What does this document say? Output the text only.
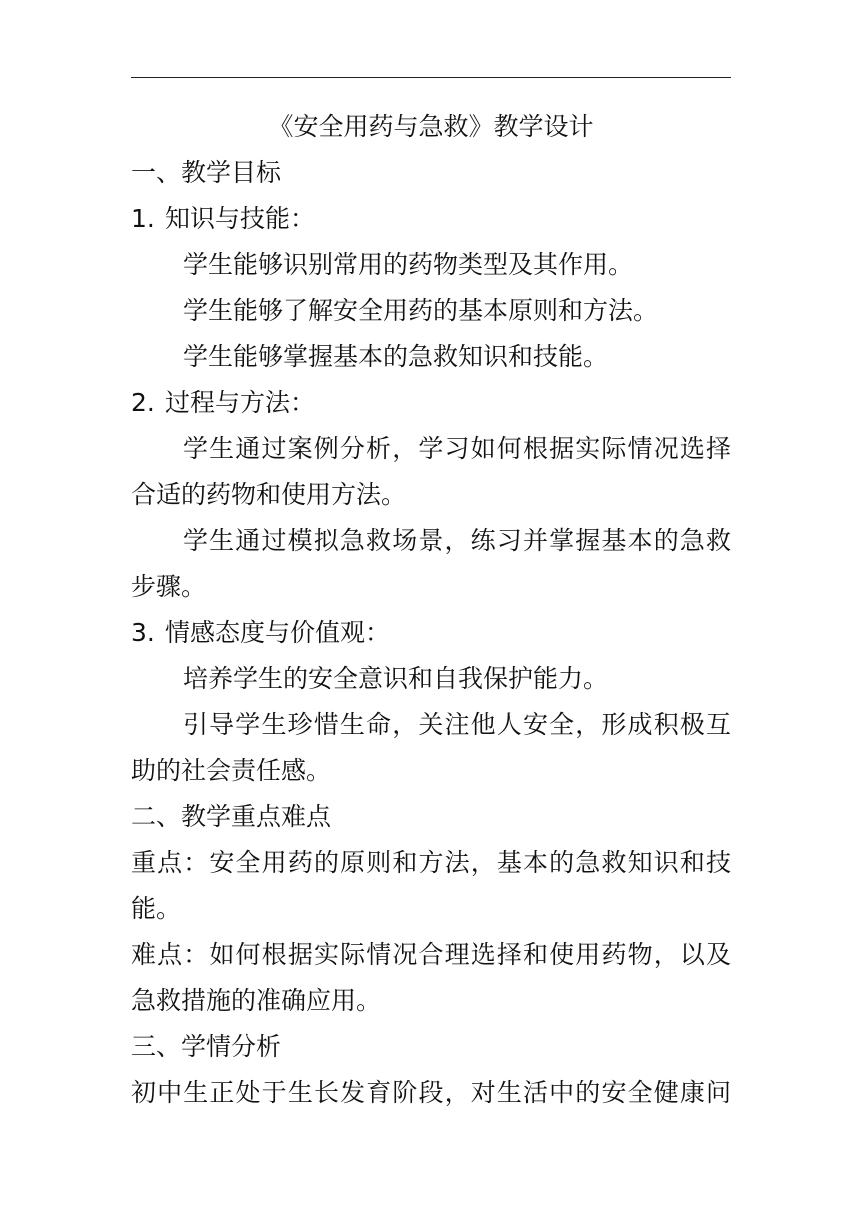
《安全用药与急救》教学设计
一、教学目标
1. 知识与技能：
学生能够识别常用的药物类型及其作用。
学生能够了解安全用药的基本原则和方法。
学生能够掌握基本的急救知识和技能。
2. 过程与方法：
学生通过案例分析，学习如何根据实际情况选择
合适的药物和使用方法。
学生通过模拟急救场景，练习并掌握基本的急救
步骤。
3. 情感态度与价值观：
培养学生的安全意识和自我保护能力。
引导学生珍惜生命，关注他人安全，形成积极互
助的社会责任感。
二、教学重点难点
重点：安全用药的原则和方法，基本的急救知识和技
能。
难点：如何根据实际情况合理选择和使用药物，以及
急救措施的准确应用。
三、学情分析
初中生正处于生长发育阶段，对生活中的安全健康问
